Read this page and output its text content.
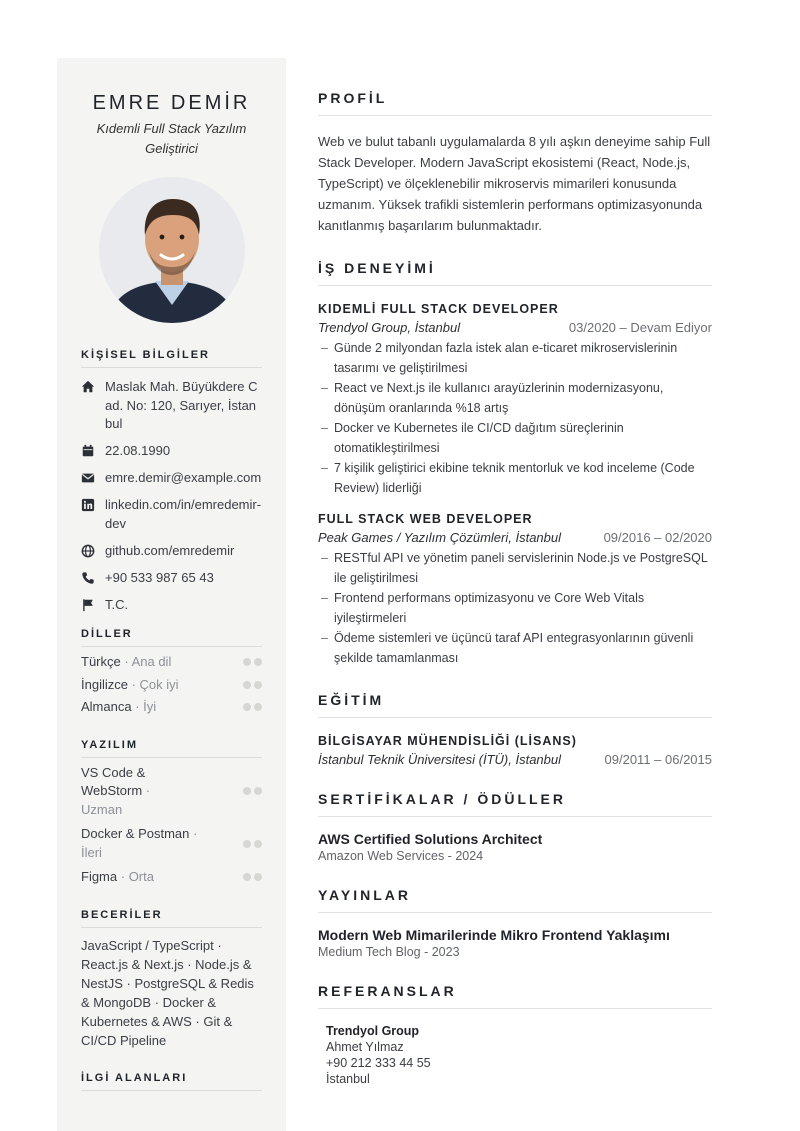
EMRE DEMİR
Kıdemli Full Stack Yazılım Geliştirici
KİŞİSEL BİLGİLER
Maslak Mah. Büyükdere Cad. No: 120, Sarıyer, İstanbul
22.08.1990
emre.demir@example.com
linkedin.com/in/emredemir-dev
github.com/emredemir
+90 533 987 65 43
T.C.
DİLLER
Türkçe · Ana dil
İngilizce · Çok iyi
Almanca · İyi
YAZILIM
VS Code & WebStorm · Uzman
Docker & Postman · İleri
Figma · Orta
BECERİLER

JavaScript / TypeScript · React.js & Next.js · Node.js & NestJS · PostgreSQL & Redis & MongoDB · Docker & Kubernetes & AWS · Git & CI/CD Pipeline

İLGİ ALANLARI
PROFİL

Web ve bulut tabanlı uygulamalarda 8 yılı aşkın deneyime sahip Full Stack Developer. Modern JavaScript ekosistemi (React, Node.js, TypeScript) ve ölçeklenebilir mikroservis mimarileri konusunda uzmanım. Yüksek trafikli sistemlerin performans optimizasyonunda kanıtlanmış başarılarım bulunmaktadır.

İŞ DENEYİMİ
KIDEMLİ FULL STACK DEVELOPER
Trendyol Group, İstanbul	03/2020 – Devam Ediyor
– Günde 2 milyondan fazla istek alan e-ticaret mikroservislerinin tasarımı ve geliştirilmesi
– React ve Next.js ile kullanıcı arayüzlerinin modernizasyonu, dönüşüm oranlarında %18 artış
– Docker ve Kubernetes ile CI/CD dağıtım süreçlerinin otomatikleştirilmesi
– 7 kişilik geliştirici ekibine teknik mentorluk ve kod inceleme (Code Review) liderliği
FULL STACK WEB DEVELOPER
Peak Games / Yazılım Çözümleri, İstanbul	09/2016 – 02/2020
– RESTful API ve yönetim paneli servislerinin Node.js ve PostgreSQL ile geliştirilmesi
– Frontend performans optimizasyonu ve Core Web Vitals iyileştirmeleri
– Ödeme sistemleri ve üçüncü taraf API entegrasyonlarının güvenli şekilde tamamlanması
EĞİTİM
BİLGİSAYAR MÜHENDİSLİĞİ (LİSANS)
İstanbul Teknik Üniversitesi (İTÜ), İstanbul	09/2011 – 06/2015
SERTİFİKALAR / ÖDÜLLER
AWS Certified Solutions Architect
Amazon Web Services - 2024
YAYINLAR
Modern Web Mimarilerinde Mikro Frontend Yaklaşımı
Medium Tech Blog - 2023
REFERANSLAR
Trendyol Group
Ahmet Yılmaz
+90 212 333 44 55
İstanbul
